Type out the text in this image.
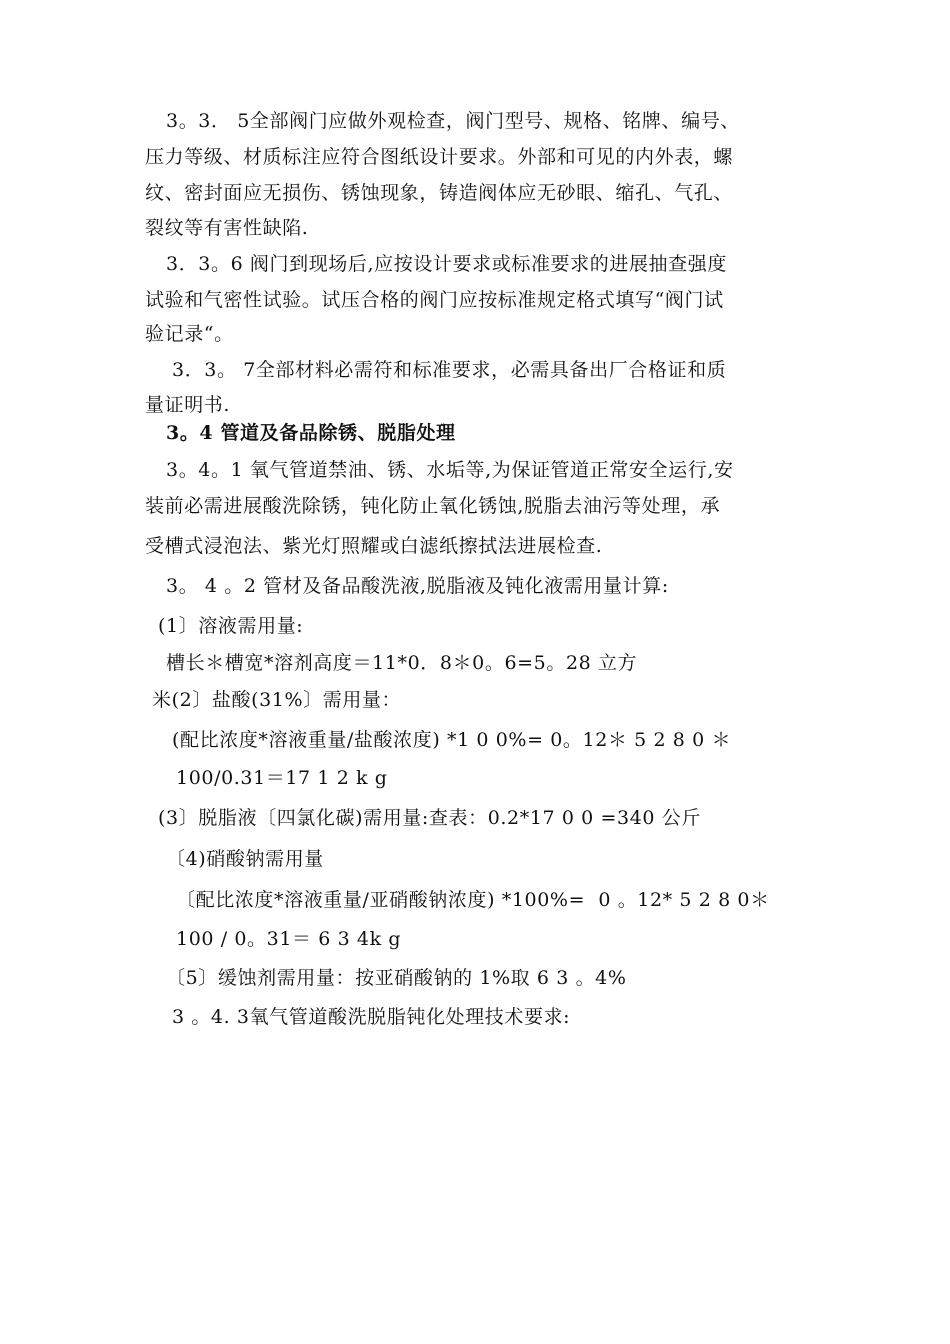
3。3． 5全部阀门应做外观检查，阀门型号、规格、铭牌、编号、
压力等级、材质标注应符合图纸设计要求。外部和可见的内外表，螺
纹、密封面应无损伤、锈蚀现象，铸造阀体应无砂眼、缩孔、气孔、
裂纹等有害性缺陷.
3．3。6 阀门到现场后,应按设计要求或标准要求的进展抽查强度
试验和气密性试验。试压合格的阀门应按标准规定格式填写“阀门试
验记录“。
3．3。 7全部材料必需符和标准要求，必需具备出厂合格证和质
量证明书.
3。4 管道及备品除锈、脱脂处理
3。4。1 氧气管道禁油、锈、水垢等,为保证管道正常安全运行,安
装前必需进展酸洗除锈，钝化防止氧化锈蚀,脱脂去油污等处理，承
受槽式浸泡法、紫光灯照耀或白滤纸擦拭法进展检查.
3。 4 。2 管材及备品酸洗液,脱脂液及钝化液需用量计算:
(1〕溶液需用量:
槽长＊槽宽*溶剂高度＝11*0．8＊0。6=5。28 立方
米(2〕盐酸(31%〕需用量：
(配比浓度*溶液重量/盐酸浓度) *1 0 0%= 0。12＊ 5 2 8 0 ＊
100/0.31＝17 1 2 k g
(3〕脱脂液〔四氯化碳)需用量:查表：0.2*17 0 0 =340 公斤
〔4)硝酸钠需用量
〔配比浓度*溶液重量/亚硝酸钠浓度) *100%=  0 。12* 5 2 8 0＊
100 / 0。31＝ 6 3 4k g
〔5〕缓蚀剂需用量：按亚硝酸钠的 1%取 6 3 。4%
3 。4. 3氧气管道酸洗脱脂钝化处理技术要求:
